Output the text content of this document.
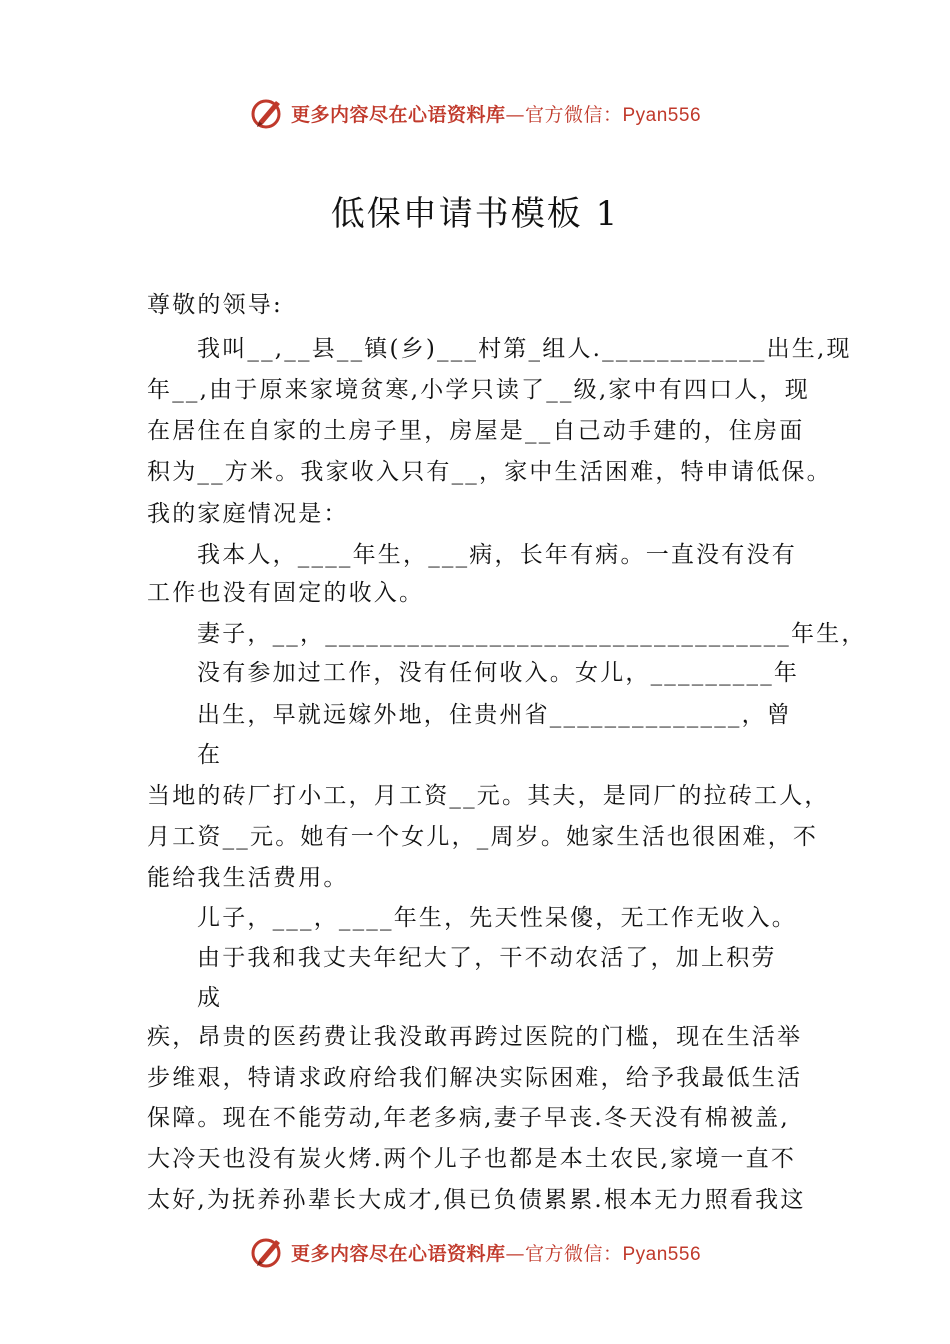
更多内容尽在心语资料库—官方微信：Pyan556
低保申请书模板 1

尊敬的领导:

我叫__,__县__镇(乡)___村第_组人.____________出生,现

年__,由于原来家境贫寒,小学只读了__级,家中有四口人，现

在居住在自家的土房子里，房屋是__自己动手建的，住房面

积为__方米。我家收入只有__，家中生活困难，特申请低保。

我的家庭情况是：

我本人，____年生，___病，长年有病。一直没有没有

工作也没有固定的收入。

妻子，__，__________________________________年生，

没有参加过工作，没有任何收入。女儿，_________年

出生，早就远嫁外地，住贵州省______________，曾

在

当地的砖厂打小工，月工资__元。其夫，是同厂的拉砖工人，

月工资__元。她有一个女儿，_周岁。她家生活也很困难，不

能给我生活费用。

儿子，___，____年生，先天性呆傻，无工作无收入。

由于我和我丈夫年纪大了，干不动农活了，加上积劳

成

疾，昂贵的医药费让我没敢再跨过医院的门槛，现在生活举

步维艰，特请求政府给我们解决实际困难，给予我最低生活

保障。现在不能劳动,年老多病,妻子早丧.冬天没有棉被盖,

大冷天也没有炭火烤.两个儿子也都是本土农民,家境一直不

太好,为抚养孙辈长大成才,俱已负债累累.根本无力照看我这

更多内容尽在心语资料库—官方微信：Pyan556
